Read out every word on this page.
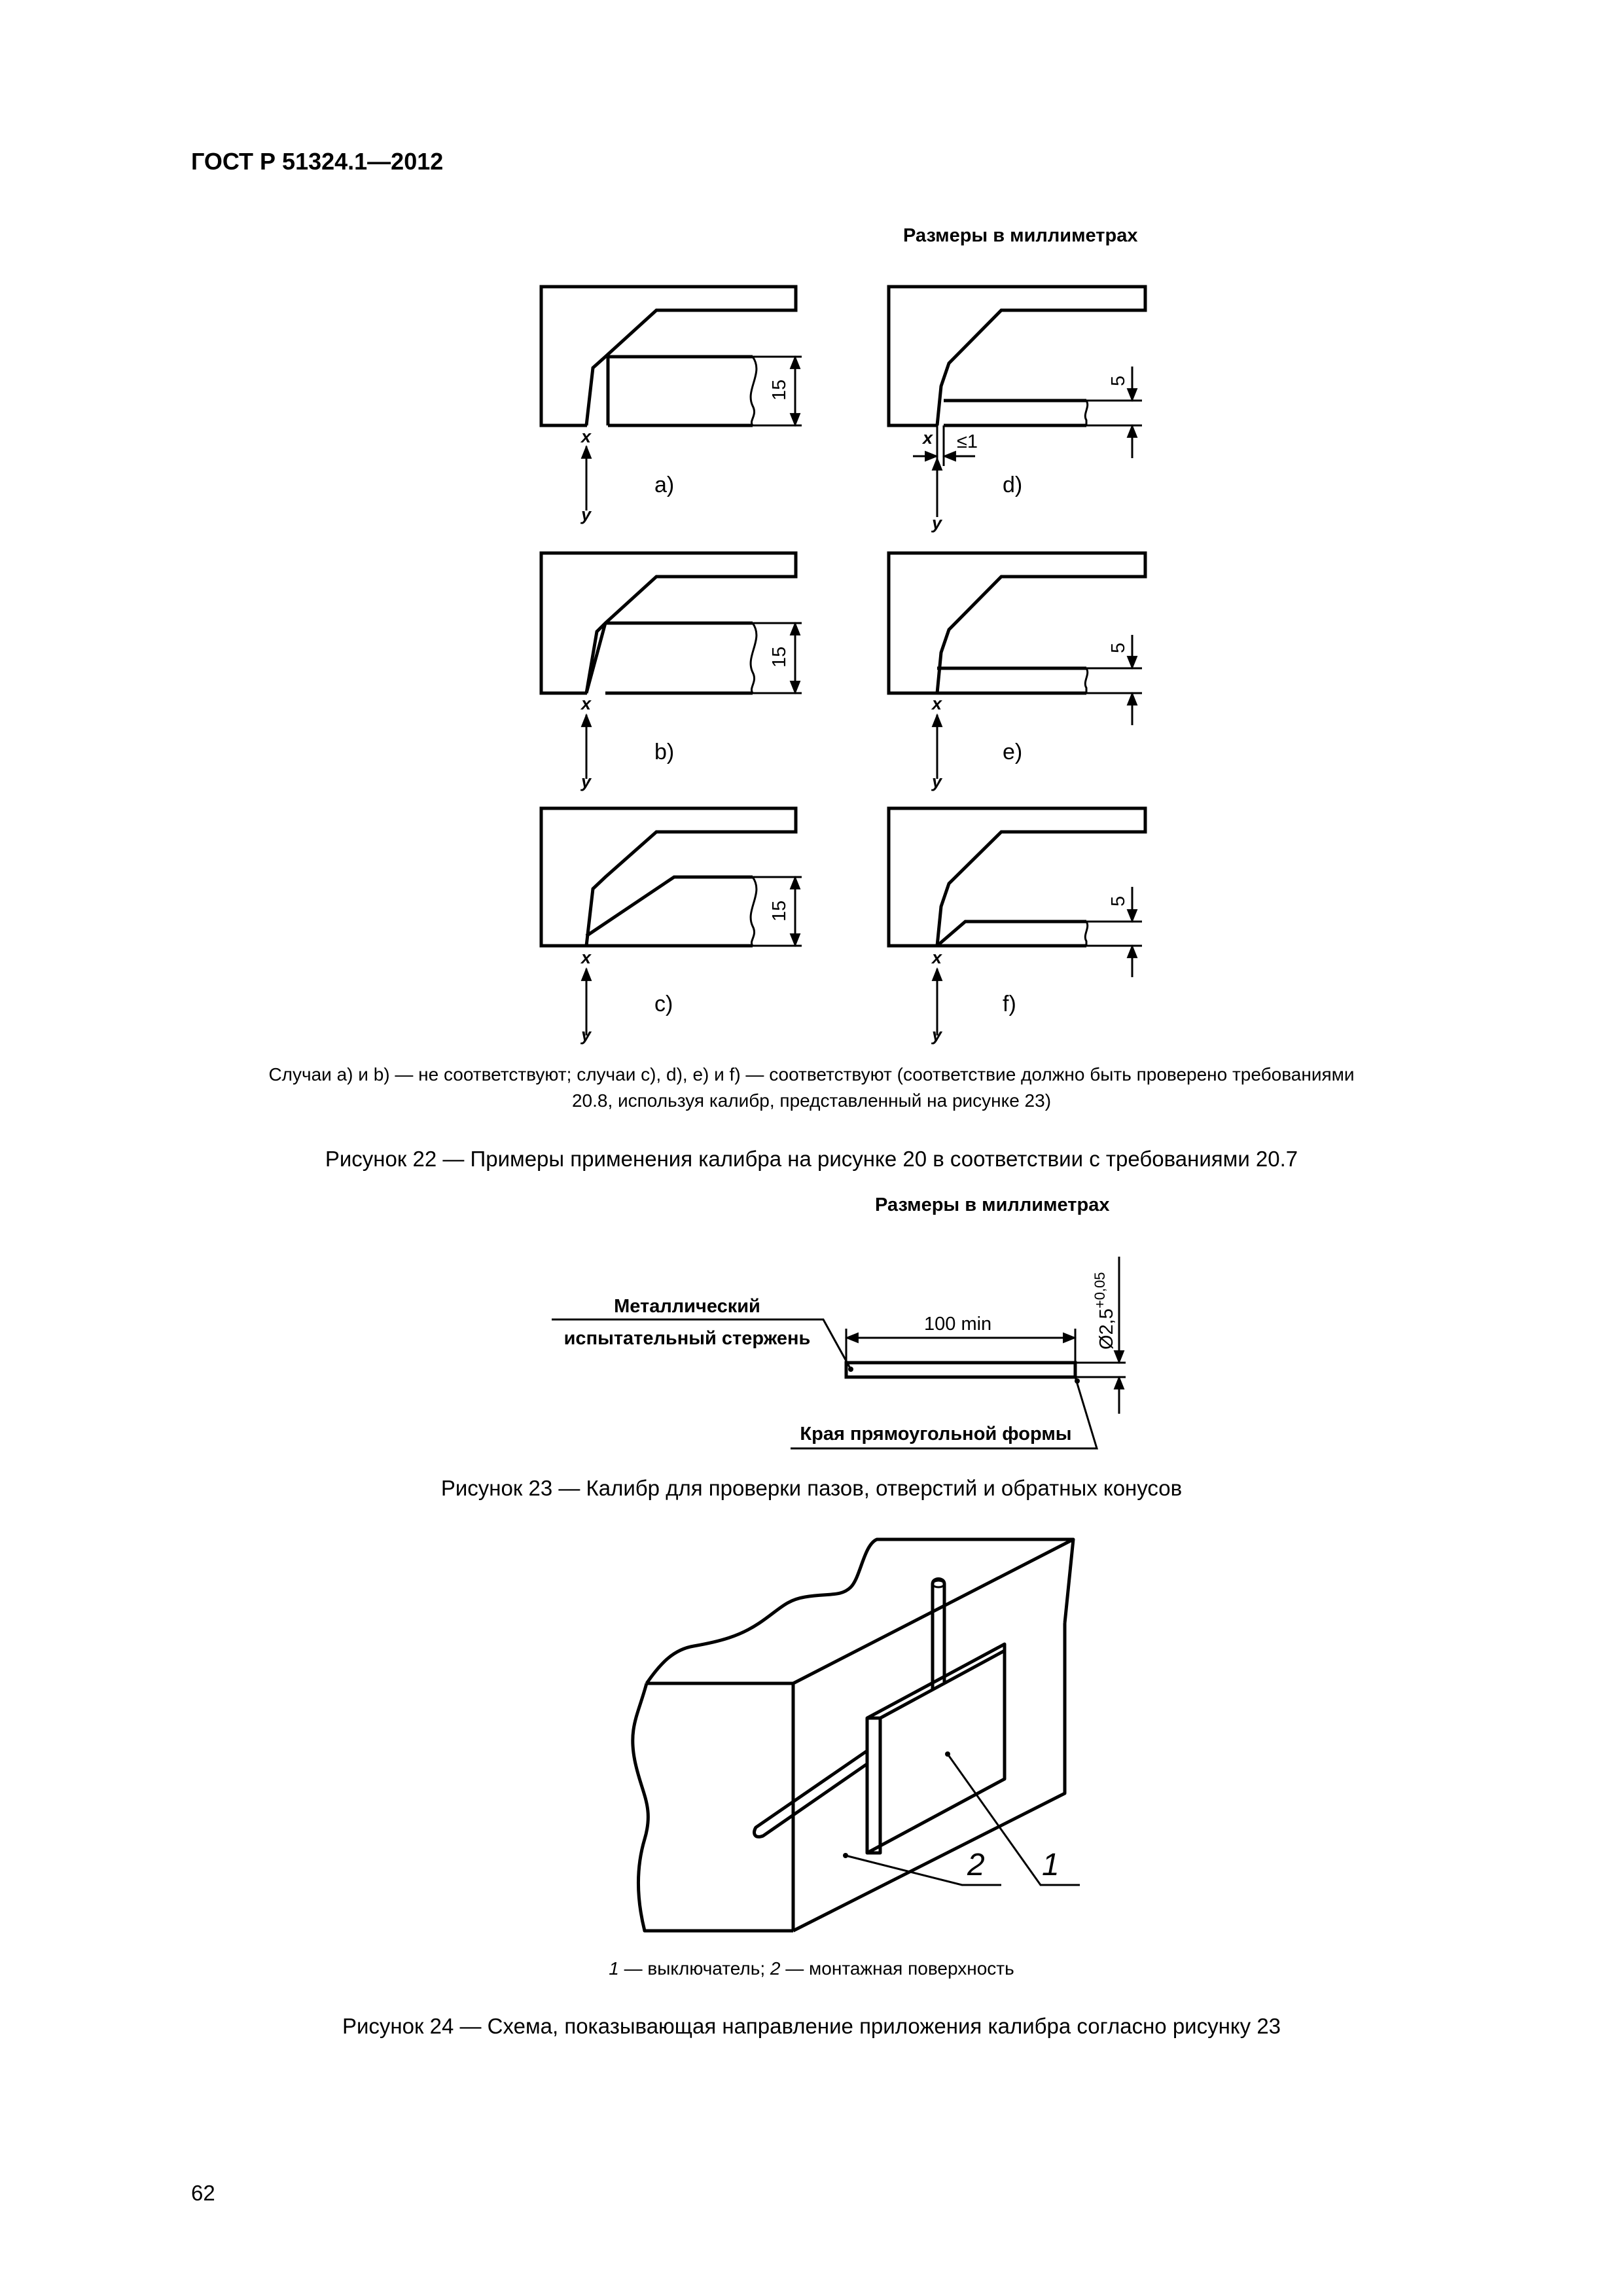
ГОСТ Р 51324.1—2012
Размеры в миллиметрах
a)
b)
c)
d)
e)
f)
15
15
15
5
5
5
≤1
x
y
x
y
x
y
x
y
x
y
x
y
100 min	$Ø2,5^{+0,05}$
Металлический
испытательный стержень
Края прямоугольной формы
1
2
Случаи a) и b) — не соответствуют; случаи c), d), e) и f) — соответствуют (соответствие должно быть проверено требованиями
20.8, используя калибр, представленный на рисунке 23)
Рисунок 22 — Примеры применения калибра на рисунке 20 в соответствии с требованиями 20.7
Размеры в миллиметрах
Рисунок 23 — Калибр для проверки пазов, отверстий и обратных конусов
1 — выключатель; 2 — монтажная поверхность
Рисунок 24 — Схема, показывающая направление приложения калибра согласно рисунку 23
62
